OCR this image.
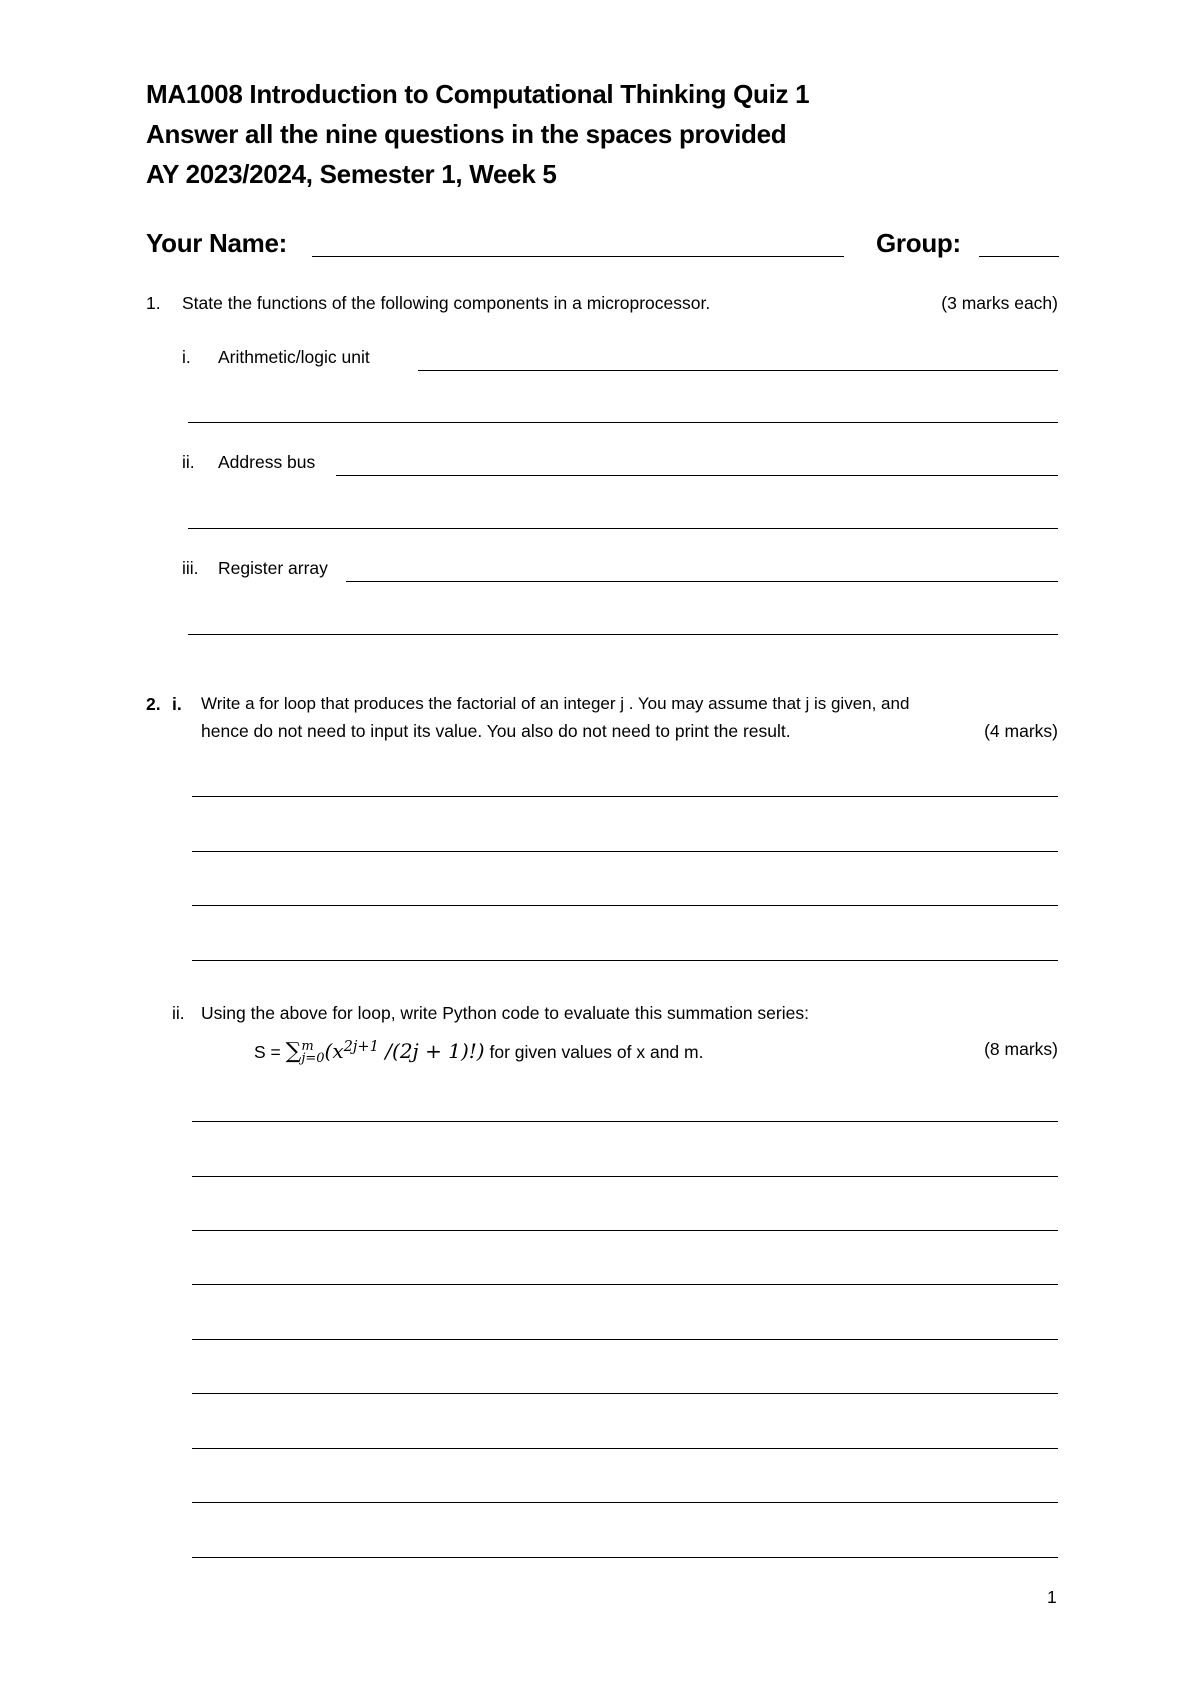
MA1008 Introduction to Computational Thinking Quiz 1
Answer all the nine questions in the spaces provided
AY 2023/2024, Semester 1, Week 5
Your Name:	Group:
1. State the functions of the following components in a microprocessor.	(3 marks each)
i. Arithmetic/logic unit
ii. Address bus
iii. Register array
2. i. Write a for loop that produces the factorial of an integer j . You may assume that j is given, and
hence do not need to input its value. You also do not need to print the result.	(4 marks)
ii. Using the above for loop, write Python code to evaluate this summation series:
S = ∑ m
j=0 ($x^{2j+1}$ /(2j + 1)!) for given values of x and m.	(8 marks)
1
